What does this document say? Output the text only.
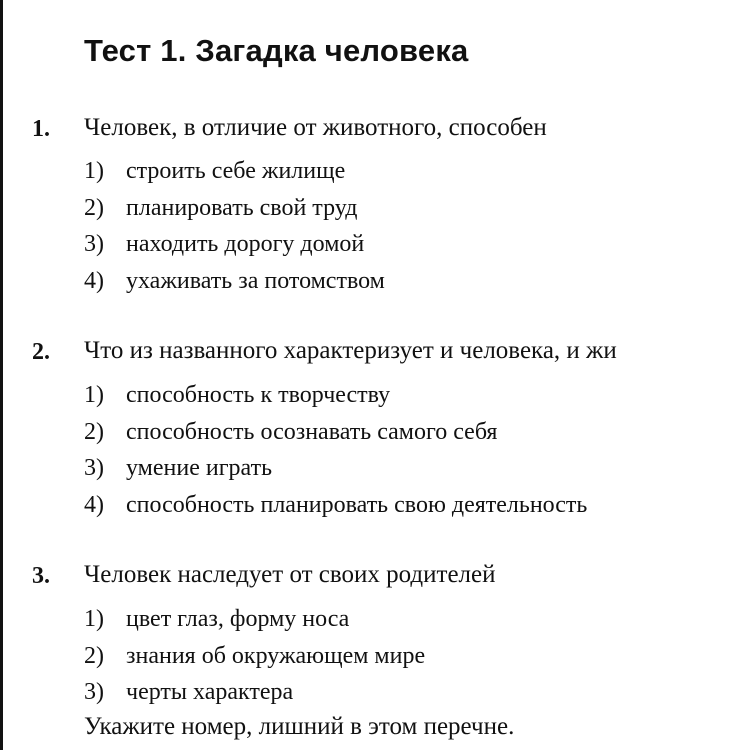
Тест 1. Загадка человека
1. Человек, в отличие от животного, способен
1) строить себе жилище
2) планировать свой труд
3) находить дорогу домой
4) ухаживать за потомством
2. Что из названного характеризует и человека, и жи
1) способность к творчеству
2) способность осознавать самого себя
3) умение играть
4) способность планировать свою деятельность
3. Человек наследует от своих родителей
1) цвет глаз, форму носа
2) знания об окружающем мире
3) черты характера
Укажите номер, лишний в этом перечне.
